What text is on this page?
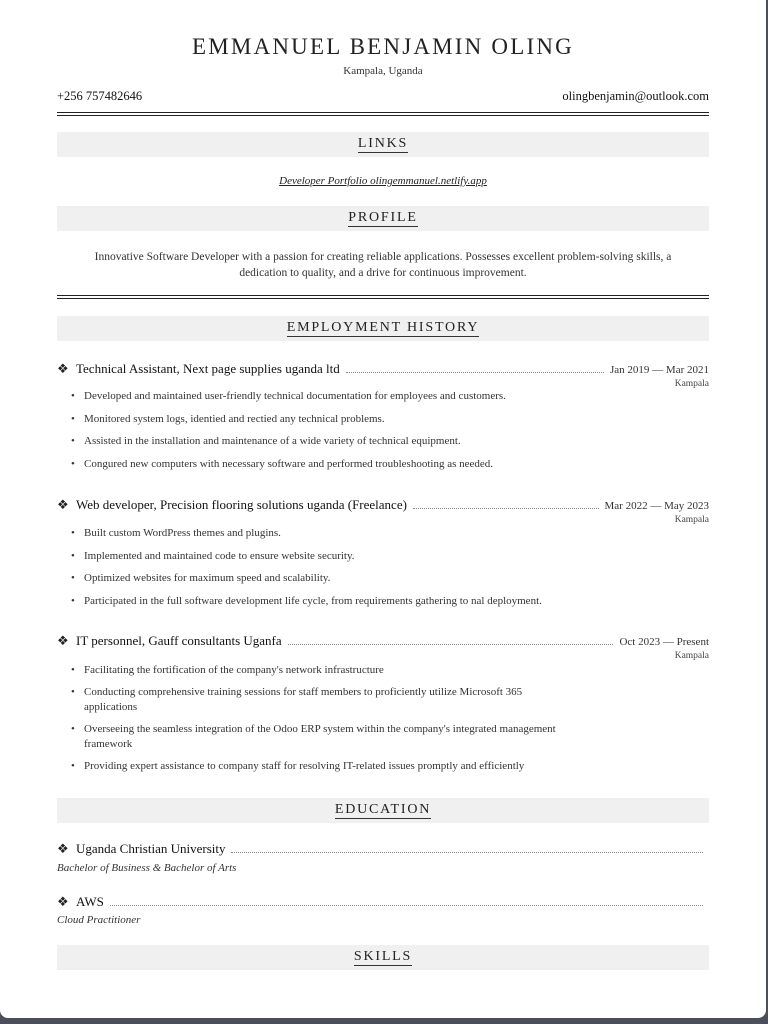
EMMANUEL BENJAMIN OLING
Kampala, Uganda
+256 757482646	olingbenjamin@outlook.com
LINKS
Developer Portfolio olingemmanuel.netlify.app
PROFILE
Innovative Software Developer with a passion for creating reliable applications. Possesses excellent problem-solving skills, a dedication to quality, and a drive for continuous improvement.
EMPLOYMENT HISTORY
❖ Technical Assistant, Next page supplies uganda ltd	Jan 2019 — Mar 2021
Kampala
• Developed and maintained user-friendly technical documentation for employees and customers.
• Monitored system logs, identied and rectied any technical problems.
• Assisted in the installation and maintenance of a wide variety of technical equipment.
• Congured new computers with necessary software and performed troubleshooting as needed.
❖ Web developer, Precision flooring solutions uganda (Freelance)	Mar 2022 — May 2023
Kampala
• Built custom WordPress themes and plugins.
• Implemented and maintained code to ensure website security.
• Optimized websites for maximum speed and scalability.
• Participated in the full software development life cycle, from requirements gathering to nal deployment.
❖ IT personnel, Gauff consultants Uganfa	Oct 2023 — Present
Kampala
• Facilitating the fortification of the company's network infrastructure
• Conducting comprehensive training sessions for staff members to proficiently utilize Microsoft 365 applications
• Overseeing the seamless integration of the Odoo ERP system within the company's integrated management framework
• Providing expert assistance to company staff for resolving IT-related issues promptly and efficiently
EDUCATION
❖ Uganda Christian University
Bachelor of Business & Bachelor of Arts
❖ AWS
Cloud Practitioner
SKILLS
